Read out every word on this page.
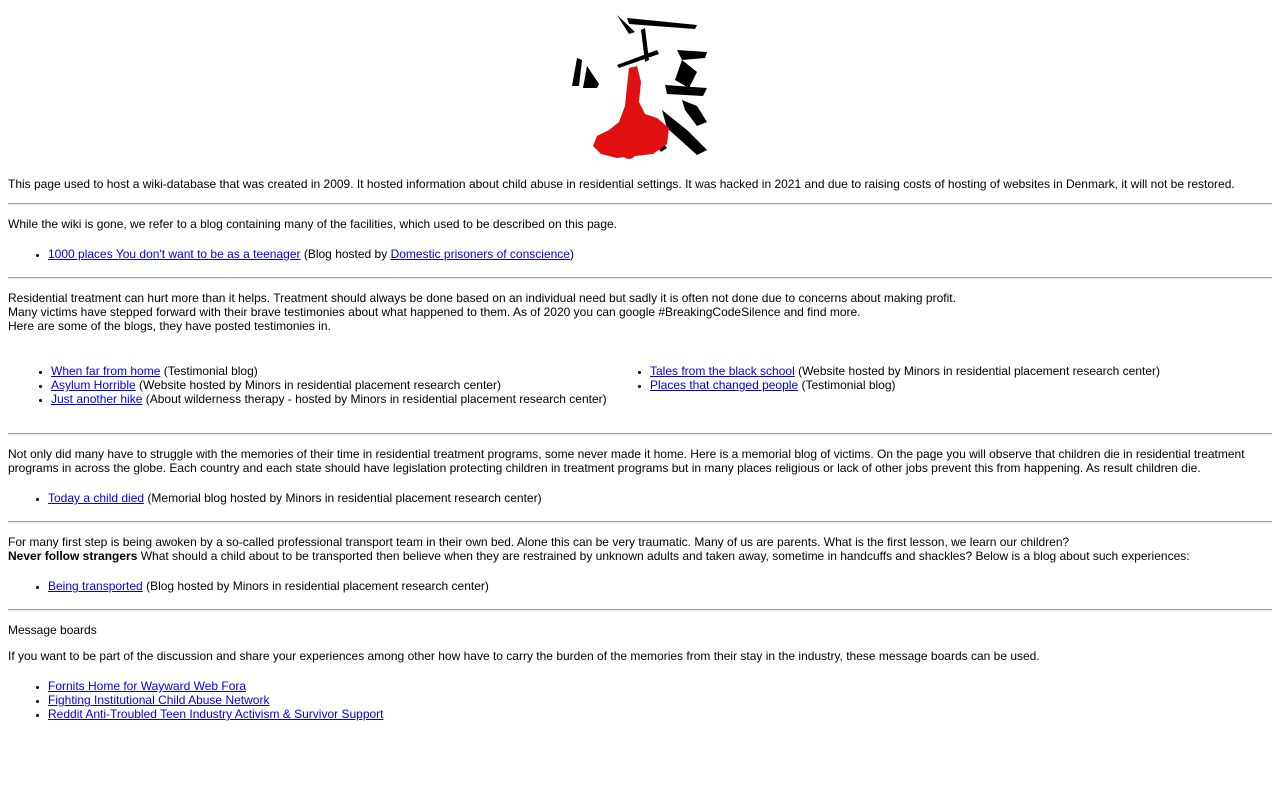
This page used to host a wiki-database that was created in 2009. It hosted information about child abuse in residential settings. It was hacked in 2021 and due to raising costs of hosting of websites in Denmark, it will not be restored.

While the wiki is gone, we refer to a blog containing many of the facilities, which used to be described on this page.

• 1000 places You don't want to be as a teenager (Blog hosted by Domestic prisoners of conscience)

Residential treatment can hurt more than it helps. Treatment should always be done based on an individual need but sadly it is often not done due to concerns about making profit.

Many victims have stepped forward with their brave testimonies about what happened to them. As of 2020 you can google #BreakingCodeSilence and find more.

Here are some of the blogs, they have posted testimonies in.

• When far from home (Testimonial blog)
• Asylum Horrible (Website hosted by Minors in residential placement research center)
• Just another hike (About wilderness therapy - hosted by Minors in residential placement research center)
• Tales from the black school (Website hosted by Minors in residential placement research center)
• Places that changed people (Testimonial blog)

Not only did many have to struggle with the memories of their time in residential treatment programs, some never made it home. Here is a memorial blog of victims. On the page you will observe that children die in residential treatment programs in across the globe. Each country and each state should have legislation protecting children in treatment programs but in many places religious or lack of other jobs prevent this from happening. As result children die.

• Today a child died (Memorial blog hosted by Minors in residential placement research center)

For many first step is being awoken by a so-called professional transport team in their own bed. Alone this can be very traumatic. Many of us are parents. What is the first lesson, we learn our children?

Never follow strangers What should a child about to be transported then believe when they are restrained by unknown adults and taken away, sometime in handcuffs and shackles? Below is a blog about such experiences:

• Being transported (Blog hosted by Minors in residential placement research center)

Message boards

If you want to be part of the discussion and share your experiences among other how have to carry the burden of the memories from their stay in the industry, these message boards can be used.

• Fornits Home for Wayward Web Fora
• Fighting Institutional Child Abuse Network
• Reddit Anti-Troubled Teen Industry Activism & Survivor Support
